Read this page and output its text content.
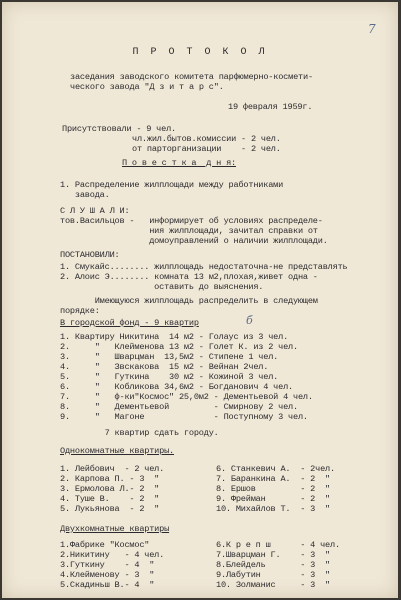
7
П Р О Т О К О Л
заседания заводского комитета парфюмерно-космети-
ческого завода "Д з и т а р с".
19 февраля 1959г.
Присутствовали - 9 чел.
чл.жил.бытов.комиссии - 2 чел.
от парторганизации    - 2 чел.
П о в е с т к а  д н я:
1. Распределение жилплощади между работниками
завода.
С Л У Ш А Л И:
тов.Васильцов -   информирует об условиях распределе-
ния жилплощади, зачитал справки от
домоуправлений о наличии жилплощади.
ПОСТАНОВИЛИ:
1. Смукайс........ жилплощадь недостаточна-не представлять
2. Алоис Э........ комната 13 м2,плохая,живет одна -
оставить до выяснения.
Имеющуюся жилплощадь распределить в следующем
порядке:
В городской фонд - 9 квартир	б
1. Квартиру Никитина  14 м2 - Голаус из 3 чел.
2.     "   Клейменова 13 м2 - Голет К. из 2 чел.
3.     "   Шварцман  13,5м2 - Стипене 1 чел.
4.     "   Звскакова  15 м2 - Вейнан 2чел.
5.     "   Гуткина    30 м2 - Кожиной 3 чел.
6.     "   Кобликова 34,6м2 - Богданович 4 чел.
7.     "   ф-ки"Космос" 25,0м2 - Дементьевой 4 чел.
8.     "   Дементьевой         - Смирнову 2 чел.
9.     "   Магоне              - Поступному 3 чел.
7 квартир сдать городу.
Однокомнатные квартиры.
1. Лейбович  - 2 чел.
2. Карпова П. - 3  "
3. Ермолова Л.- 2  "
4. Туше В.    - 2  "
5. Лукьянова  - 2  "
6. Станкевич А.  - 2чел.
7. Баранкина А.  - 2  "
8. Ершов         - 2  "
9. Фрейман       - 2  "
10. Михайлов Т.  - 3  "
Двухкомнатные квартиры
1.Фабрике "Космос"
2.Никитину   - 4 чел.
3.Гуткину    - 4  "
4.Клейменову - 3  "
5.Скадиньш В.- 4  "
6.К р е п ш      - 4 чел.
7.Шварцман Г.    - 3  "
8.Блейдель       - 3  "
9.Лабутин        - 3  "
10. Золманис     - 3  "
